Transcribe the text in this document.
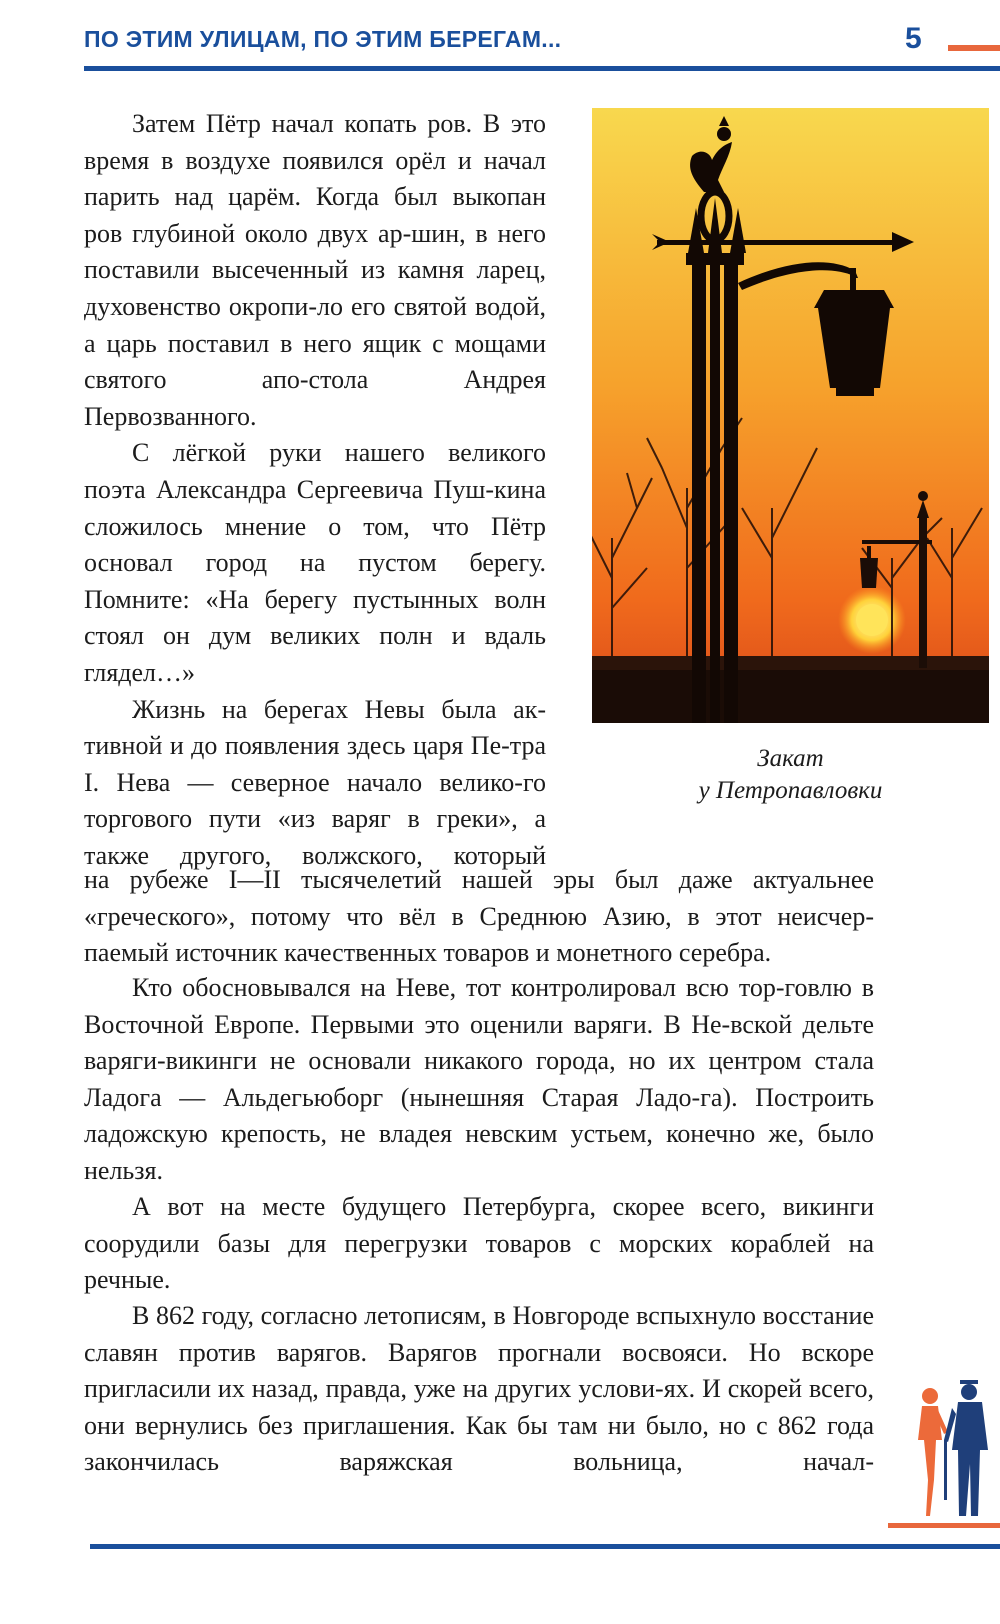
ПО ЭТИМ УЛИЦАМ, ПО ЭТИМ БЕРЕГАМ...	5

Затем Пётр начал копать ров. В это время в воздухе появился орёл и начал парить над царём. Когда был выкопан ров глубиной около двух ар-шин, в него поставили высеченный из камня ларец, духовенство окропи-ло его святой водой, а царь поставил в него ящик с мощами святого апо-стола Андрея Первозванного.

С лёгкой руки нашего великого поэта Александра Сергеевича Пуш-кина сложилось мнение о том, что Пётр основал город на пустом берегу. Помните: «На берегу пустынных волн стоял он дум великих полн и вдаль глядел…»

Жизнь на берегах Невы была ак-тивной и до появления здесь царя Пе-тра I. Нева — северное начало велико-го торгового пути «из варяг в греки», а также другого, волжского, который

Закат
у Петропавловки

на рубеже I—II тысячелетий нашей эры был даже актуальнее «греческого», потому что вёл в Среднюю Азию, в этот неисчер-паемый источник качественных товаров и монетного серебра.

Кто обосновывался на Неве, тот контролировал всю тор-говлю в Восточной Европе. Первыми это оценили варяги. В Не-вской дельте варяги-викинги не основали никакого города, но их центром стала Ладога — Альдегьюборг (нынешняя Старая Ладо-га). Построить ладожскую крепость, не владея невским устьем, конечно же, было нельзя.

А вот на месте будущего Петербурга, скорее всего, викинги соорудили базы для перегрузки товаров с морских кораблей на речные.

В 862 году, согласно летописям, в Новгороде вспыхнуло восстание славян против варягов. Варягов прогнали восвояси. Но вскоре пригласили их назад, правда, уже на других услови-ях. И скорей всего, они вернулись без приглашения. Как бы там ни было, но с 862 года закончилась варяжская вольница, начал-
